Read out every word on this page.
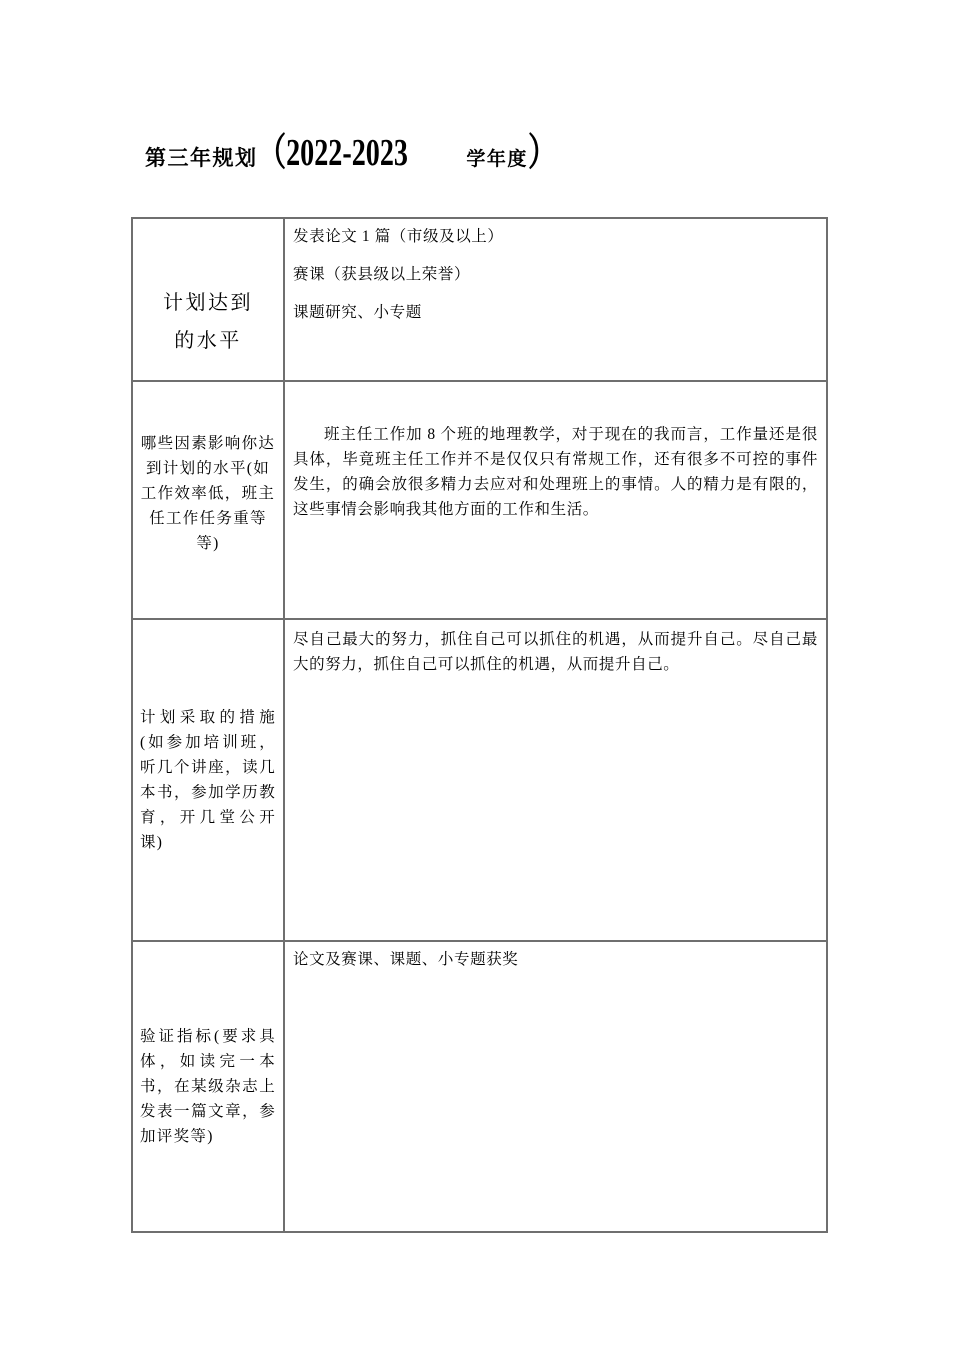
第三年规划（2022-2023	学年度）
计划达到
的水平
发表论文 1 篇（市级及以上）
赛课（获县级以上荣誉）
课题研究、小专题
哪些因素影响你达到计划的水平(如工作效率低，班主任工作任务重等等)
班主任工作加 8 个班的地理教学，对于现在的我而言，工作量还是很具体，毕竟班主任工作并不是仅仅只有常规工作，还有很多不可控的事件发生，的确会放很多精力去应对和处理班上的事情。人的精力是有限的，这些事情会影响我其他方面的工作和生活。
计划采取的措施(如参加培训班，听几个讲座，读几本书，参加学历教育，开几堂公开课)
尽自己最大的努力，抓住自己可以抓住的机遇，从而提升自己。尽自己最大的努力，抓住自己可以抓住的机遇，从而提升自己。
验证指标(要求具体，如读完一本书，在某级杂志上发表一篇文章，参加评奖等)
论文及赛课、课题、小专题获奖
